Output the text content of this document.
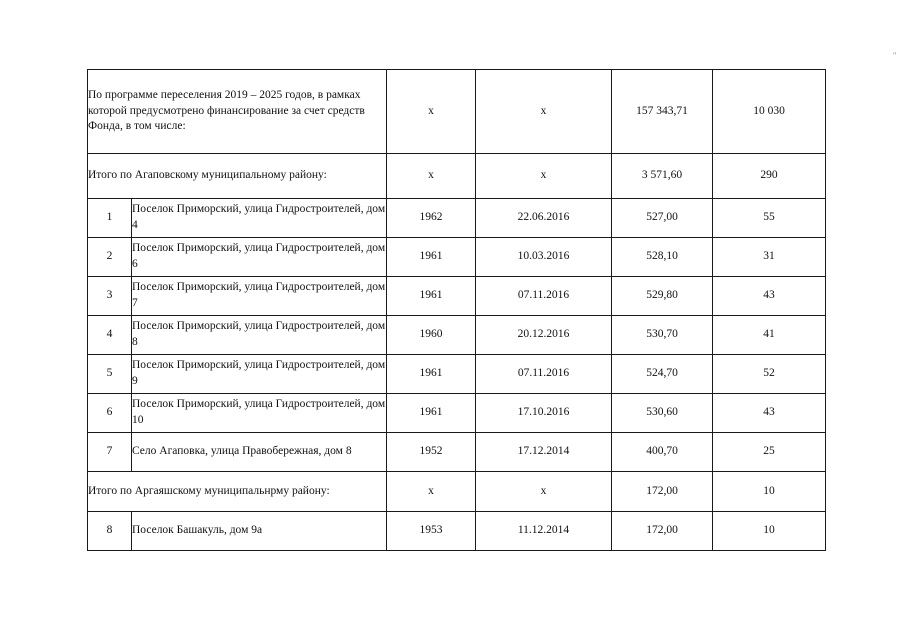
"
По программе переселения 2019 – 2025 годов, в рамках которой предусмотрено финансирование за счет средств Фонда, в том числе:		х	х	157 343,71	10 030
Итого по Агаповскому муниципальному району:		х	х	3 571,60	290
1	Поселок Приморский, улица Гидростроителей, дом 4	1962	22.06.2016	527,00	55
2	Поселок Приморский, улица Гидростроителей, дом 6	1961	10.03.2016	528,10	31
3	Поселок Приморский, улица Гидростроителей, дом 7	1961	07.11.2016	529,80	43
4	Поселок Приморский, улица Гидростроителей, дом 8	1960	20.12.2016	530,70	41
5	Поселок Приморский, улица Гидростроителей, дом 9	1961	07.11.2016	524,70	52
6	Поселок Приморский, улица Гидростроителей, дом 10	1961	17.10.2016	530,60	43
7	Село Агаповка, улица Правобережная, дом 8	1952	17.12.2014	400,70	25
Итого по Аргаяшскому муниципальнрму району:		х	х	172,00	10
8	Поселок Башакуль, дом 9а	1953	11.12.2014	172,00	10
